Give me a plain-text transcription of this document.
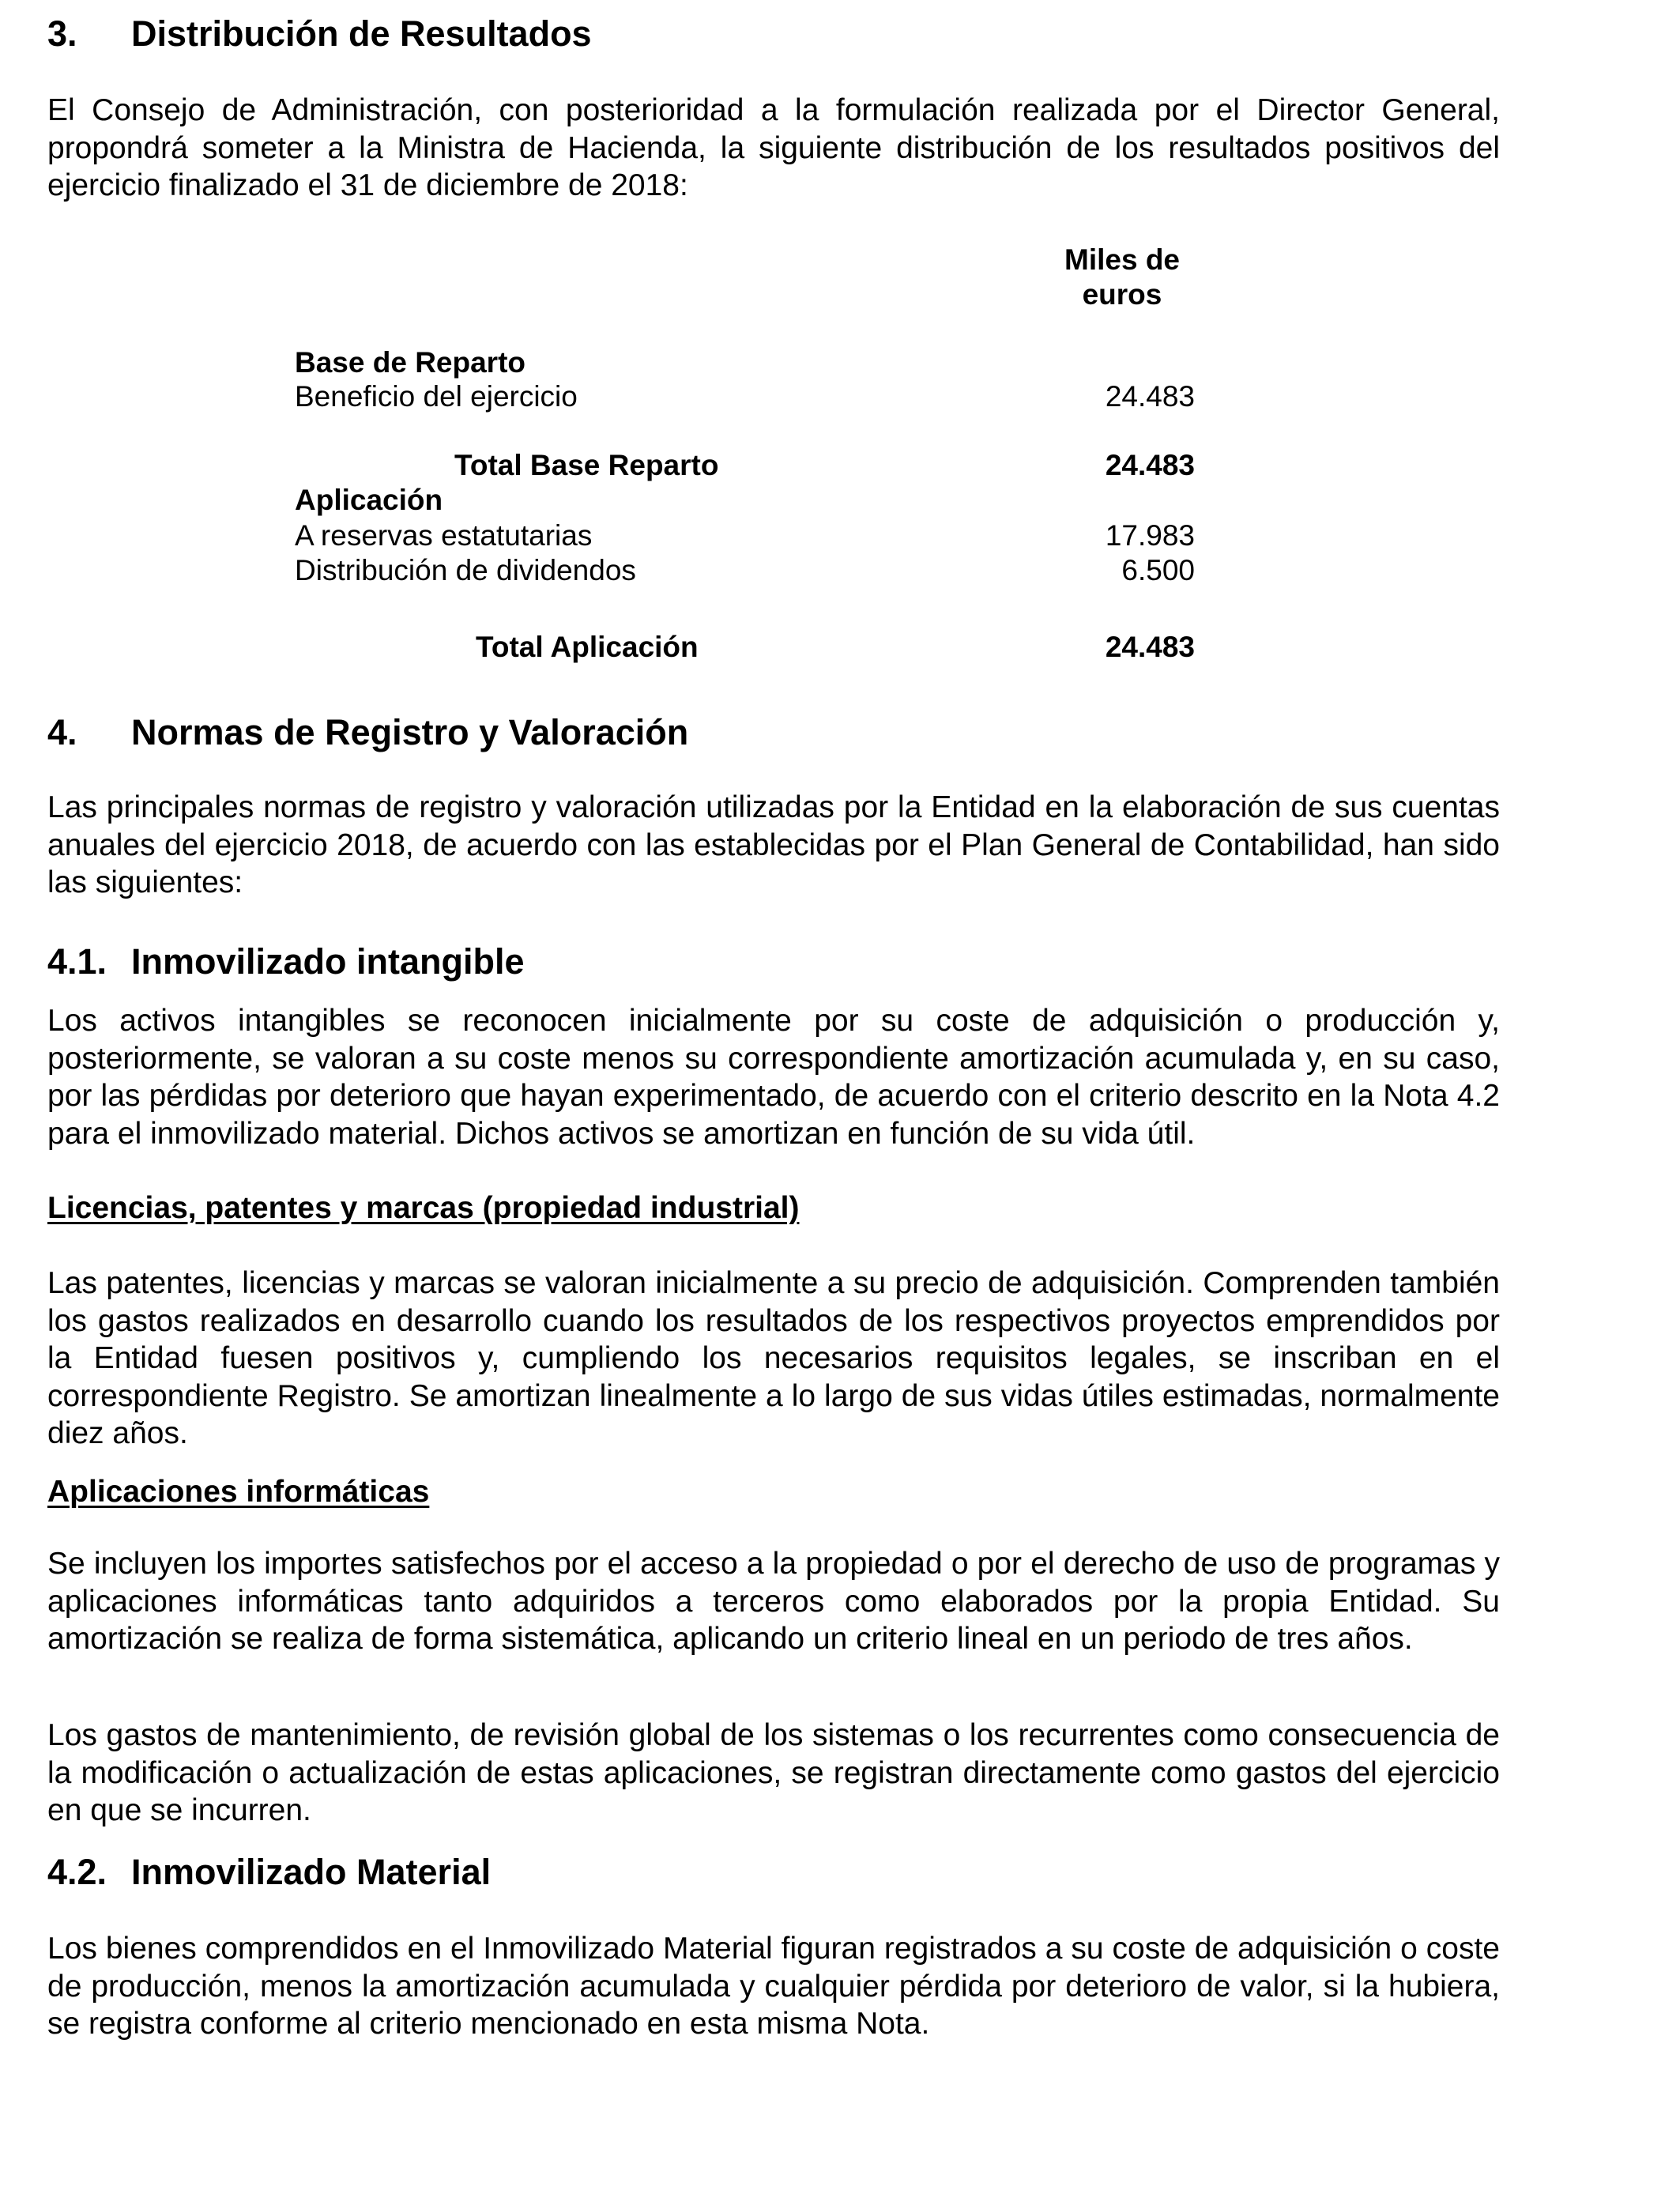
3. Distribución de Resultados

El Consejo de Administración, con posterioridad a la formulación realizada por el Director General, propondrá someter a la Ministra de Hacienda, la siguiente distribución de los resultados positivos del ejercicio finalizado el 31 de diciembre de 2018:

Miles de
euros
Base de Reparto
Beneficio del ejercicio	24.483
Total Base Reparto	24.483
Aplicación
A reservas estatutarias	17.983
Distribución de dividendos	6.500
Total Aplicación	24.483
4. Normas de Registro y Valoración

Las principales normas de registro y valoración utilizadas por la Entidad en la elaboración de sus cuentas anuales del ejercicio 2018, de acuerdo con las establecidas por el Plan General de Contabilidad, han sido las siguientes:

4.1. Inmovilizado intangible

Los activos intangibles se reconocen inicialmente por su coste de adquisición o producción y, posteriormente, se valoran a su coste menos su correspondiente amortización acumulada y, en su caso, por las pérdidas por deterioro que hayan experimentado, de acuerdo con el criterio descrito en la Nota 4.2 para el inmovilizado material. Dichos activos se amortizan en función de su vida útil.

Licencias, patentes y marcas (propiedad industrial)

Las patentes, licencias y marcas se valoran inicialmente a su precio de adquisición. Comprenden también los gastos realizados en desarrollo cuando los resultados de los respectivos proyectos emprendidos por la Entidad fuesen positivos y, cumpliendo los necesarios requisitos legales, se inscriban en el correspondiente Registro. Se amortizan linealmente a lo largo de sus vidas útiles estimadas, normalmente diez años.

Aplicaciones informáticas

Se incluyen los importes satisfechos por el acceso a la propiedad o por el derecho de uso de programas y aplicaciones informáticas tanto adquiridos a terceros como elaborados por la propia Entidad. Su amortización se realiza de forma sistemática, aplicando un criterio lineal en un periodo de tres años.

Los gastos de mantenimiento, de revisión global de los sistemas o los recurrentes como consecuencia de la modificación o actualización de estas aplicaciones, se registran directamente como gastos del ejercicio en que se incurren.

4.2. Inmovilizado Material

Los bienes comprendidos en el Inmovilizado Material figuran registrados a su coste de adquisición o coste de producción, menos la amortización acumulada y cualquier pérdida por deterioro de valor, si la hubiera, se registra conforme al criterio mencionado en esta misma Nota.
